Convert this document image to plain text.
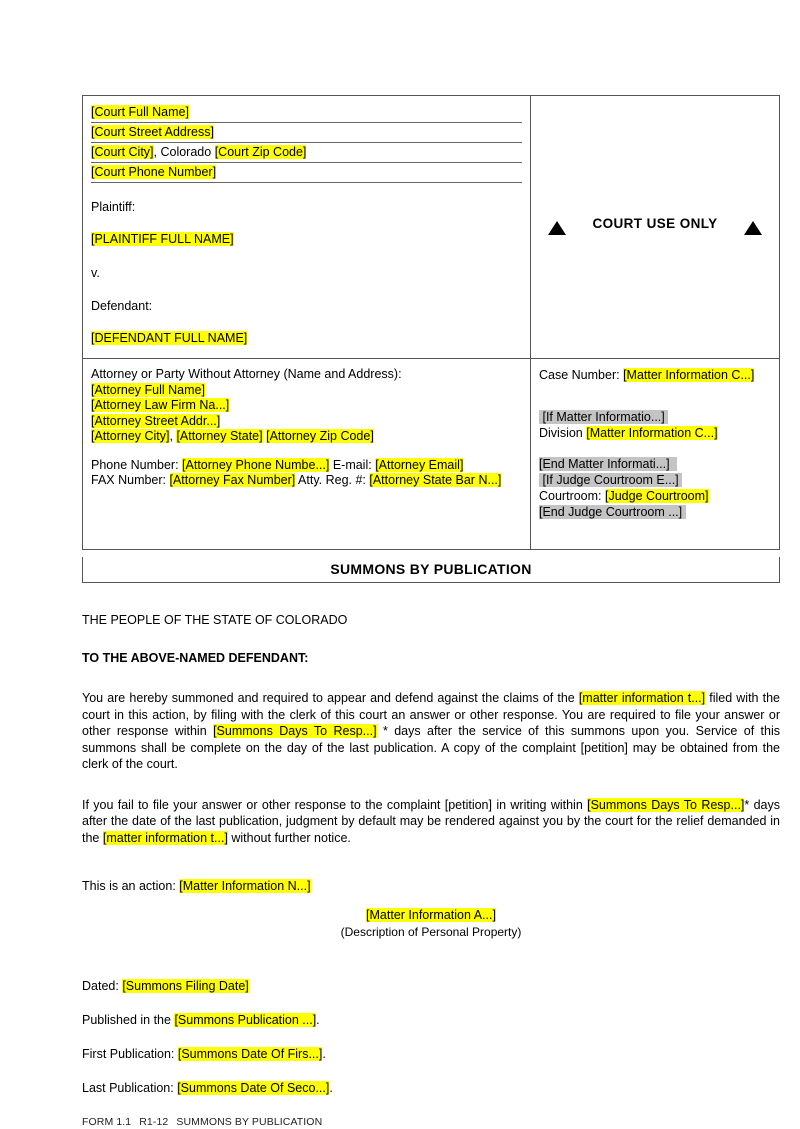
[Court Full Name]
[Court Street Address]
[Court City], Colorado [Court Zip Code]
[Court Phone Number]
Plaintiff:
[PLAINTIFF FULL NAME]
v.
Defendant:
[DEFENDANT FULL NAME]
COURT USE ONLY
Attorney or Party Without Attorney (Name and Address):
[Attorney Full Name]
[Attorney Law Firm Na...]
[Attorney Street Addr...]
[Attorney City], [Attorney State] [Attorney Zip Code]
Phone Number: [Attorney Phone Numbe...] E-mail: [Attorney Email]
FAX Number: [Attorney Fax Number] Atty. Reg. #: [Attorney State Bar N...]
Case Number: [Matter Information C...]
[If Matter Informatio...]
Division [Matter Information C...]
[End Matter Informati...]
[If Judge Courtroom E...]
Courtroom: [Judge Courtroom]
[End Judge Courtroom ...]
SUMMONS BY PUBLICATION
THE PEOPLE OF THE STATE OF COLORADO
TO THE ABOVE-NAMED DEFENDANT:
You are hereby summoned and required to appear and defend against the claims of the [matter information t...] filed with the court in this action, by filing with the clerk of this court an answer or other response. You are required to file your answer or other response within [Summons Days To Resp...] * days after the service of this summons upon you. Service of this summons shall be complete on the day of the last publication. A copy of the complaint [petition] may be obtained from the clerk of the court.
If you fail to file your answer or other response to the complaint [petition] in writing within [Summons Days To Resp...]* days after the date of the last publication, judgment by default may be rendered against you by the court for the relief demanded in the [matter information t...] without further notice.
This is an action: [Matter Information N...]
[Matter Information A...]
(Description of Personal Property)
Dated: [Summons Filing Date]
Published in the [Summons Publication ...].
First Publication: [Summons Date Of Firs...].
Last Publication: [Summons Date Of Seco...].
FORM 1.1 R1-12 SUMMONS BY PUBLICATION
